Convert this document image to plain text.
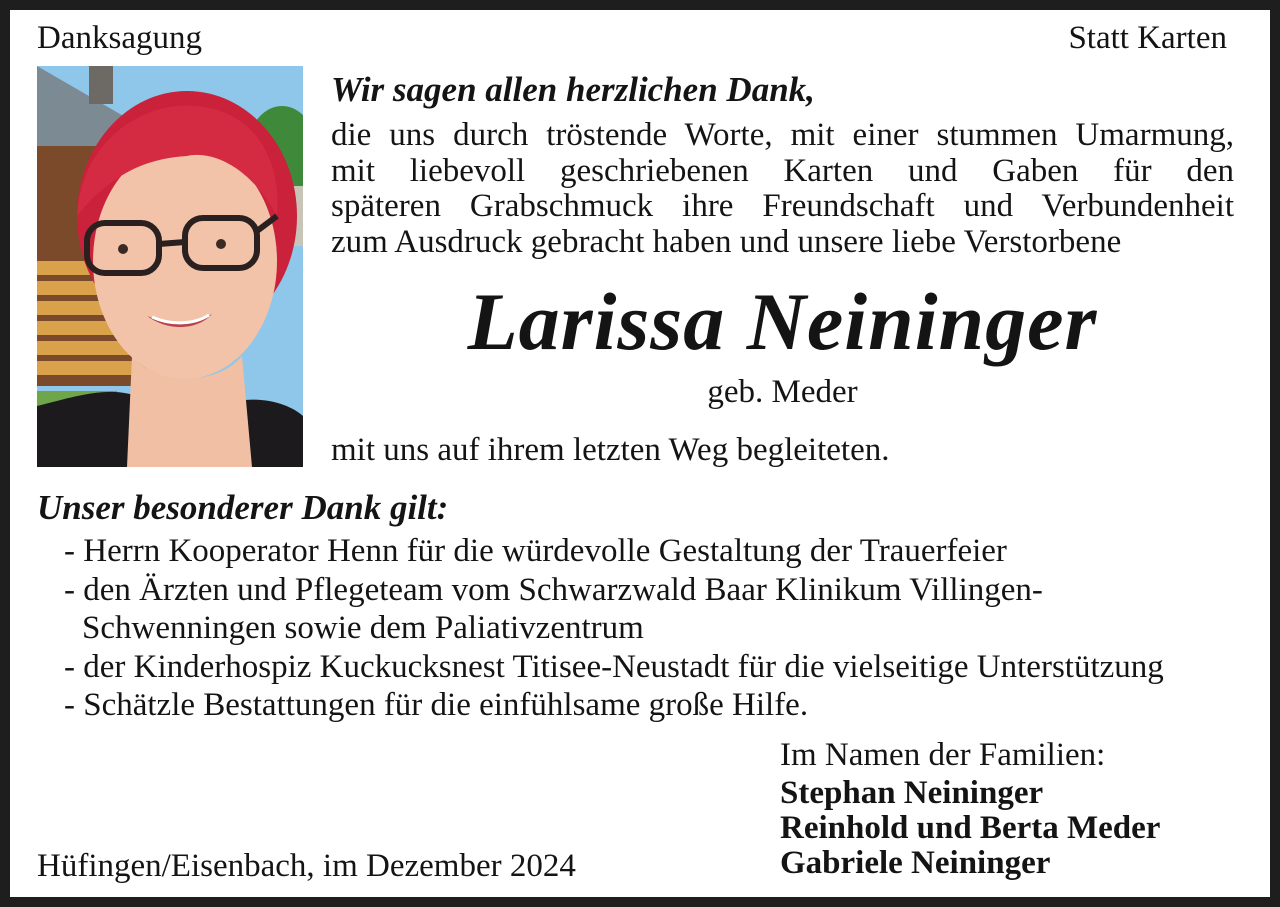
Danksagung	Statt Karten
Wir sagen allen herzlichen Dank,
die uns durch tröstende Worte, mit einer stummen Umarmung,
mit liebevoll geschriebenen Karten und Gaben für den
späteren Grabschmuck ihre Freundschaft und Verbundenheit
zum Ausdruck gebracht haben und unsere liebe Verstorbene
Larissa Neininger
geb. Meder
mit uns auf ihrem letzten Weg begleiteten.
Unser besonderer Dank gilt:
- Herrn Kooperator Henn für die würdevolle Gestaltung der Trauerfeier
- den Ärzten und Pflegeteam vom Schwarzwald Baar Klinikum Villingen-
Schwenningen sowie dem Paliativzentrum
- der Kinderhospiz Kuckucksnest Titisee-Neustadt für die vielseitige Unterstützung
- Schätzle Bestattungen für die einfühlsame große Hilfe.
Hüfingen/Eisenbach, im Dezember 2024
Im Namen der Familien:
Stephan Neininger
Reinhold und Berta Meder
Gabriele Neininger
